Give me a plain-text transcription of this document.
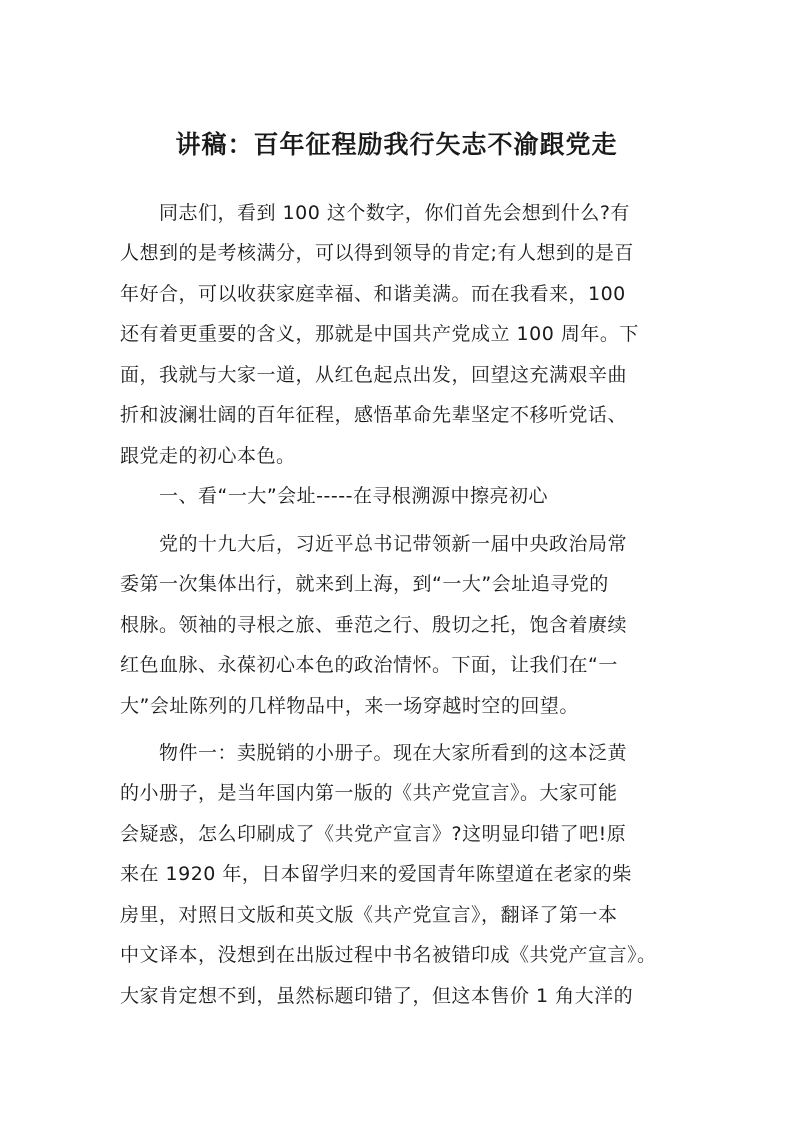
讲稿：百年征程励我行矢志不渝跟党走
　　同志们，看到 100 这个数字，你们首先会想到什么?有
人想到的是考核满分，可以得到领导的肯定;有人想到的是百
年好合，可以收获家庭幸福、和谐美满。而在我看来，100
还有着更重要的含义，那就是中国共产党成立 100 周年。下
面，我就与大家一道，从红色起点出发，回望这充满艰辛曲
折和波澜壮阔的百年征程，感悟革命先辈坚定不移听党话、
跟党走的初心本色。
　　一、看“一大”会址-----在寻根溯源中擦亮初心
　　党的十九大后，习近平总书记带领新一届中央政治局常
委第一次集体出行，就来到上海，到“一大”会址追寻党的
根脉。领袖的寻根之旅、垂范之行、殷切之托，饱含着赓续
红色血脉、永葆初心本色的政治情怀。下面，让我们在“一
大”会址陈列的几样物品中，来一场穿越时空的回望。
　　物件一：卖脱销的小册子。现在大家所看到的这本泛黄
的小册子，是当年国内第一版的《共产党宣言》。大家可能
会疑惑，怎么印刷成了《共党产宣言》?这明显印错了吧!原
来在 1920 年，日本留学归来的爱国青年陈望道在老家的柴
房里，对照日文版和英文版《共产党宣言》，翻译了第一本
中文译本，没想到在出版过程中书名被错印成《共党产宣言》。
大家肯定想不到，虽然标题印错了，但这本售价 1 角大洋的
